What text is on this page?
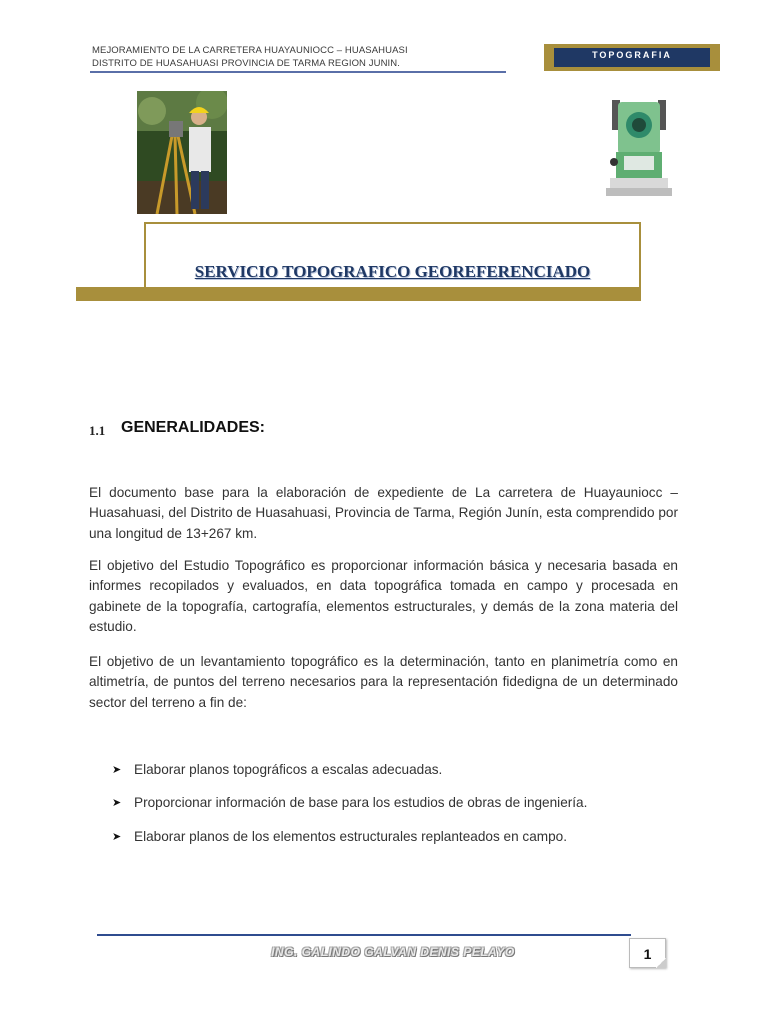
MEJORAMIENTO DE LA CARRETERA HUAYAUNIOCC – HUASAHUASI
DISTRITO DE HUASAHUASI PROVINCIA DE TARMA REGION JUNIN.
TOPOGRAFIA
SERVICIO TOPOGRAFICO GEOREFERENCIADO
1.1 GENERALIDADES:

El documento base para la elaboración de expediente de La carretera de Huayauniocc – Huasahuasi, del Distrito de Huasahuasi, Provincia de Tarma, Región Junín, esta comprendido por una longitud de 13+267 km.

El objetivo del Estudio Topográfico es proporcionar información básica y necesaria basada en informes recopilados y evaluados, en data topográfica tomada en campo y procesada en gabinete de la topografía, cartografía, elementos estructurales, y demás de la zona materia del estudio.

El objetivo de un levantamiento topográfico es la determinación, tanto en planimetría como en altimetría, de puntos del terreno necesarios para la representación fidedigna de un determinado sector del terreno a fin de:

➤ Elaborar planos topográficos a escalas adecuadas.
➤ Proporcionar información de base para los estudios de obras de ingeniería.
➤ Elaborar planos de los elementos estructurales replanteados en campo.
ING. GALINDO GALVAN DENIS PELAYO	1
